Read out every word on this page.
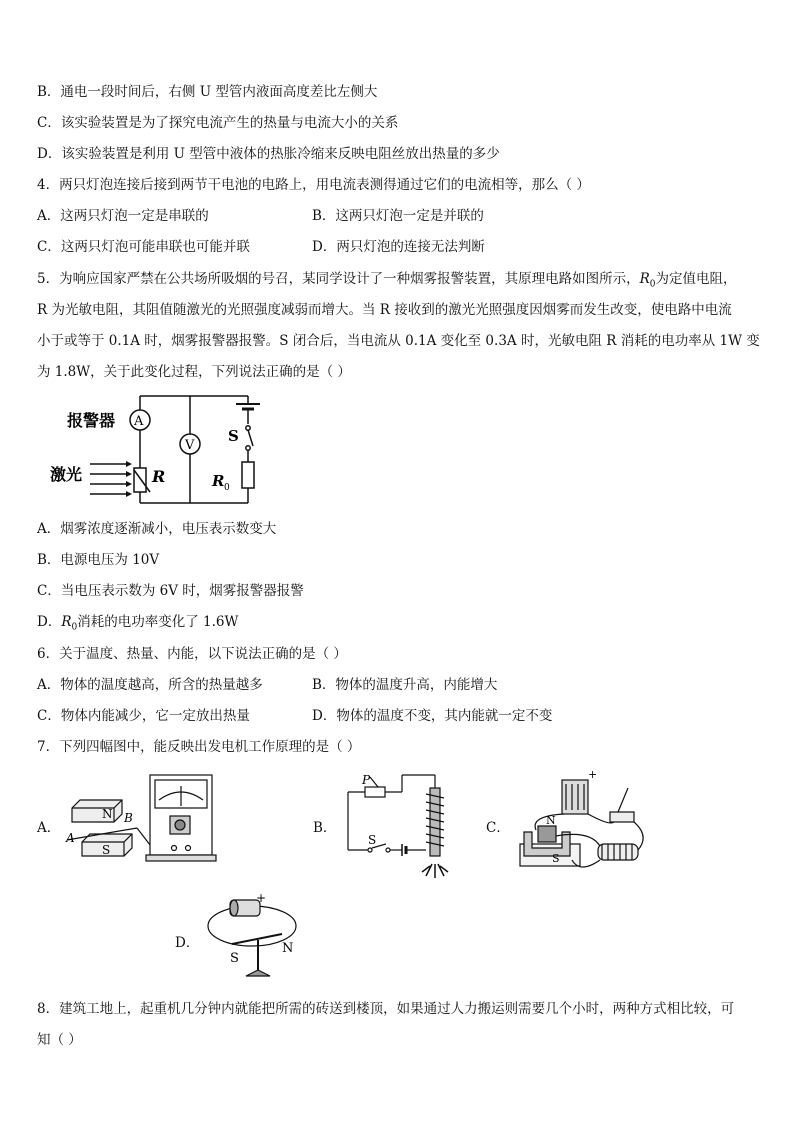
B．通电一段时间后，右侧 U 型管内液面高度差比左侧大
C．该实验装置是为了探究电流产生的热量与电流大小的关系
D．该实验装置是利用 U 型管中液体的热胀冷缩来反映电阻丝放出热量的多少
4．两只灯泡连接后接到两节干电池的电路上，用电流表测得通过它们的电流相等，那么（ ）
A．这两只灯泡一定是串联的	B．这两只灯泡一定是并联的
C．这两只灯泡可能串联也可能并联	D．两只灯泡的连接无法判断
5．为响应国家严禁在公共场所吸烟的号召，某同学设计了一种烟雾报警装置，其原理电路如图所示，$R_0$为定值电阻，
R 为光敏电阻，其阻值随激光的光照强度减弱而增大。当 R 接收到的激光光照强度因烟雾而发生改变，使电路中电流
小于或等于 0.1A 时，烟雾报警器报警。S 闭合后，当电流从 0.1A 变化至 0.3A 时，光敏电阻 R 消耗的电功率从 1W 变
为 1.8W，关于此变化过程，下列说法正确的是（ ）
报警器 A
V
激光	R
S
R 0
A．烟雾浓度逐渐减小，电压表示数变大
B．电源电压为 10V
C．当电压表示数为 6V 时，烟雾报警器报警
D．$R_0$消耗的电功率变化了 1.6W
6．关于温度、热量、内能，以下说法正确的是（ ）
A．物体的温度越高，所含的热量越多	B．物体的温度升高，内能增大
C．物体内能减少，它一定放出热量	D．物体的温度不变，其内能就一定不变
7．下列四幅图中，能反映出发电机工作原理的是（ ）
A．
N
S
A
B
B．
P
S
C．	N
S
+
D．
+
S
N
8．建筑工地上，起重机几分钟内就能把所需的砖送到楼顶，如果通过人力搬运则需要几个小时，两种方式相比较，可
知（ ）
